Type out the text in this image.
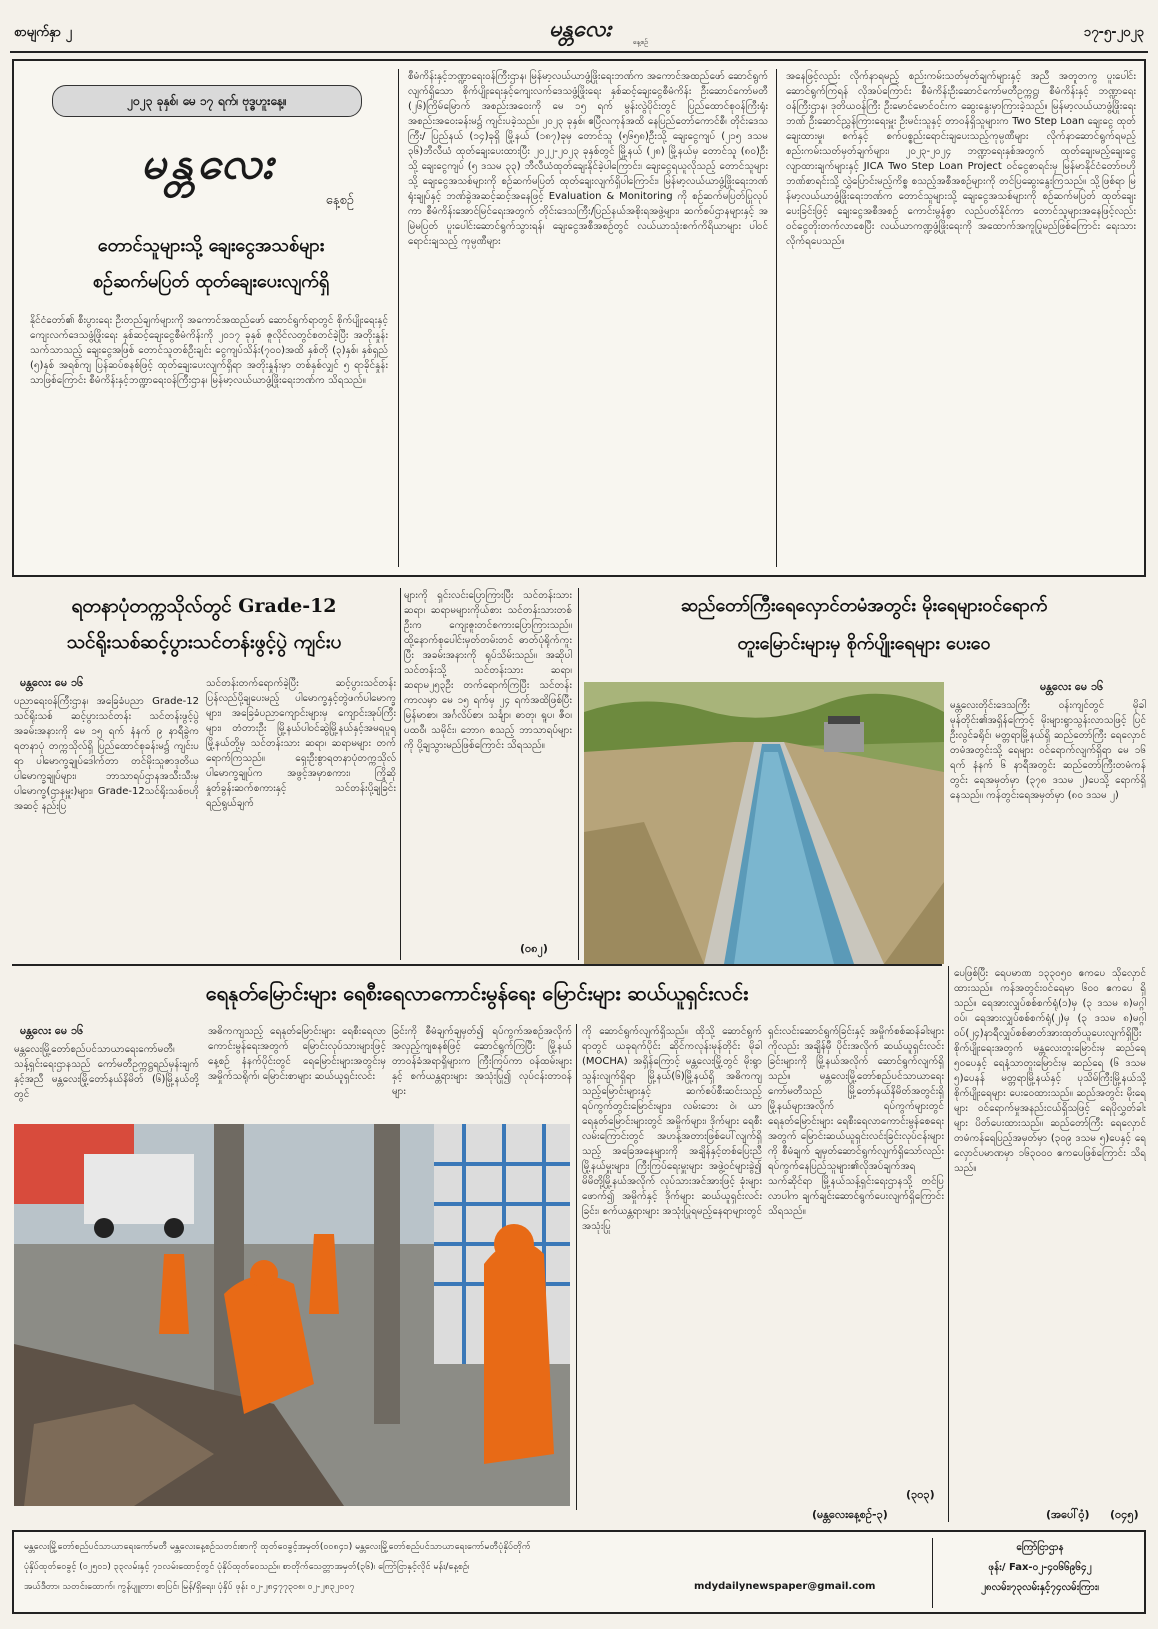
စာမျက်နှာ ၂	မန္တလေး	နေ့စဉ်
၁၇-၅-၂၀၂၃
၂၀၂၃ ခုနှစ်၊ မေ ၁၇ ရက်၊ ဗုဒ္ဓဟူးနေ့။
မန္တလေး
နေ့စဉ်
တောင်သူများသို့ ချေးငွေအသစ်များ
စဉ်ဆက်မပြတ် ထုတ်ချေးပေးလျက်ရှိ
နိုင်ငံတော်၏ စီးပွားရေး ဦးတည်ချက်များကို အကောင်အထည်ဖော် ဆောင်ရွက်ရာတွင် စိုက်ပျိုးရေးနှင့် ကျေးလက်ဒေသဖွံ့ဖြိုးရေး နှစ်ဆင့်ချေးငွေစီမံကိန်းကို ၂၀၁၇ ခုနှစ် ဇူလိုင်လတွင်စတင်ခဲ့ပြီး အတိုးနှုန်းသက်သာသည့် ချေးငွေအဖြစ် တောင်သူတစ်ဦးချင်း ငွေကျပ်သိန်း(၇၀၀)အထိ နှစ်တို (၃)နှစ်၊ နှစ်ရှည် (၅)နှစ် အရစ်ကျ ပြန်ဆပ်စနစ်ဖြင့် ထုတ်ချေးပေးလျက်ရှိရာ အတိုးနှုန်းမှာ တစ်နှစ်လျှင် ၅ ရာခိုင်နှုန်းသာဖြစ်ကြောင်း စီမံကိန်းနှင့်ဘဏ္ဍာရေးဝန်ကြီးဌာန၊ မြန်မာ့လယ်ယာဖွံ့ဖြိုးရေးဘဏ်က သိရသည်။
စီမံကိန်းနှင့်ဘဏ္ဍာရေးဝန်ကြီးဌာန၊ မြန်မာ့လယ်ယာဖွံ့ဖြိုးရေးဘဏ်က အကောင်အထည်ဖော် ဆောင်ရွက်လျက်ရှိသော စိုက်ပျိုးရေးနှင့်ကျေးလက်ဒေသဖွံ့ဖြိုးရေး နှစ်ဆင့်ချေးငွေစီမံကိန်း ဦးဆောင်ကော်မတီ (၂၆)ကြိမ်မြောက် အစည်းအဝေးကို မေ ၁၅ ရက် မွန်းလွဲပိုင်းတွင် ပြည်ထောင်စုဝန်ကြီးရုံး အစည်းအဝေးခန်းမ၌ ကျင်းပခဲ့သည်။ ၂၀၂၃ ခုနှစ်၊ ဧပြီလကုန်အထိ နေပြည်တော်ကောင်စီ၊ တိုင်းဒေသကြီး/ ပြည်နယ် (၁၄)ခုရှိ မြို့နယ် (၁၈၇)ခုမှ တောင်သူ (၅၆၅၈)ဦးသို့ ချေးငွေကျပ် (၂၁၅ ဒသမ ၃၆)ဘီလီယံ ထုတ်ချေးပေးထားပြီး ၂၀၂၂-၂၀၂၃ ခုနှစ်တွင် မြို့နယ် (၂၈) မြို့နယ်မှ တောင်သူ (၈၀)ဦးသို့ ချေးငွေကျပ် (၅ ဒသမ ၃၃) ဘီလီယံထုတ်ချေးနိုင်ခဲ့ပါကြောင်း၊ ချေးငွေရယူလိုသည့် တောင်သူများသို့ ချေးငွေအသစ်များကို စဉ်ဆက်မပြတ် ထုတ်ချေးလျက်ရှိပါကြောင်း၊ မြန်မာ့လယ်ယာဖွံ့ဖြိုးရေးဘဏ် ရုံးချုပ်နှင့် ဘဏ်ခွဲအဆင့်ဆင့်အနေဖြင့် Evaluation & Monitoring ကို စဉ်ဆက်မပြတ်ပြုလုပ်ကာ စီမံကိန်းအောင်မြင်ရေးအတွက် တိုင်းဒေသကြီး/ပြည်နယ်အစိုးရအဖွဲ့များ၊ ဆက်စပ်ဌာနများနှင့် အမြဲမပြတ် ပူးပေါင်းဆောင်ရွက်သွားရန်၊ ချေးငွေအစီအစဉ်တွင် လယ်ယာသုံးစက်ကိရိယာများ ပါဝင်ရောင်းချသည့် ကုမ္ပဏီများ
အနေဖြင့်လည်း လိုက်နာရမည့် စည်းကမ်းသတ်မှတ်ချက်များနှင့် အညီ အတူတကွ ပူးပေါင်းဆောင်ရွက်ကြရန် လိုအပ်ကြောင်း စီမံကိန်းဦးဆောင်ကော်မတီဥက္ကဋ္ဌ၊ စီမံကိန်းနှင့် ဘဏ္ဍာရေးဝန်ကြီးဌာန၊ ဒုတိယဝန်ကြီး ဦးမောင်မောင်ဝင်းက ဆွေးနွေးမှာကြားခဲ့သည်။ မြန်မာ့လယ်ယာဖွံ့ဖြိုးရေးဘဏ် ဦးဆောင်ညွှန်ကြားရေးမှူး ဦးမင်းသူနှင့် တာဝန်ရှိသူများက Two Step Loan ချေးငွေ ထုတ်ချေးထားမှု၊ စက်နှင့် စက်ပစ္စည်းရောင်းချပေးသည့်ကုမ္ပဏီများ လိုက်နာဆောင်ရွက်ရမည့် စည်းကမ်းသတ်မှတ်ချက်များ၊ ၂၀၂၃-၂၀၂၄ ဘဏ္ဍာရေးနှစ်အတွက် ထုတ်ချေးမည့်ချေးငွေ လျာထားချက်များနှင့် JICA Two Step Loan Project ဝင်ငွေစာရင်းမှ မြန်မာနိုင်ငံတော်ဗဟိုဘဏ်စာရင်းသို့ လွှဲပြောင်းမည့်ကိစ္စ စသည့်အစီအစဉ်များကို တင်ပြဆွေးနွေးကြသည်။ သို့ဖြစ်ရာ မြန်မာ့လယ်ယာဖွံ့ဖြိုးရေးဘဏ်က တောင်သူများသို့ ချေးငွေအသစ်များကို စဉ်ဆက်မပြတ် ထုတ်ချေးပေးခြင်းဖြင့် ချေးငွေအစီအစဉ် ကောင်းမွန်စွာ လည်ပတ်နိုင်ကာ တောင်သူများအနေဖြင့်လည်း ဝင်ငွေတိုးတက်လာစေပြီး လယ်ယာကဏ္ဍဖွံ့ဖြိုးရေးကို အထောက်အကူပြုမည်ဖြစ်ကြောင်း ရေးသားလိုက်ရပေသည်။
ရတနာပုံတက္ကသိုလ်တွင် Grade-12
သင်ရိုးသစ်ဆင့်ပွားသင်တန်းဖွင့်ပွဲ ကျင်းပ
မန္တလေး မေ ၁၆
ပညာရေးဝန်ကြီးဌာန၊ အခြေခံပညာ Grade-12 သင်ရိုးသစ် ဆင့်ပွားသင်တန်း သင်တန်းဖွင့်ပွဲ အခမ်းအနားကို မေ ၁၅ ရက် နံနက် ၉ နာရီခွဲက ရတနာပုံ တက္ကသိုလ်ရှိ ပြည်ထောင်စုခန်းမ၌ ကျင်းပရာ ပါမောက္ခချုပ်ဒေါက်တာ တင်မိုးသူဇာဒုတိယပါမောက္ခချုပ်များ၊ ဘာသာရပ်ဌာနအသီးသီးမှ ပါမောက္ခ(ဌာနမှူး)များ၊ Grade-12သင်ရိုးသစ်ဗဟိုအဆင့် နည်းပြ
သင်တန်းတက်ရောက်ခဲ့ပြီး ဆင့်ပွားသင်တန်း ပြန်လည်ပို့ချပေးမည့် ပါမောက္ခနှင့်တွဲဖက်ပါမောက္ခများ၊ အခြေခံပညာကျောင်းများမှ ကျောင်းအုပ်ကြီးများ၊ တံတားဦး မြို့နယ်ပါဝင်ဆွဲမြို့နယ်နှင့်အမရပူရမြို့နယ်တို့မှ သင်တန်းသား ဆရာ၊ ဆရာမများ တက်ရောက်ကြသည်။ ရှေးဦးစွာရတနာပုံတက္ကသိုလ် ပါမောက္ခချုပ်က အဖွင့်အမှာစကား၊ ကြိုဆိုနှုတ်ခွန်းဆက်စကားနှင့် သင်တန်းပို့ချခြင်း ရည်ရွယ်ချက်
များကို ရှင်းလင်းပြောကြားပြီး သင်တန်းသား ဆရာ၊ ဆရာမများကိုယ်စား သင်တန်းသားတစ်ဦးက ကျေးဇူးတင်စကားပြောကြားသည်။ ထို့နောက်စုပေါင်းမှတ်တမ်းတင် ဓာတ်ပုံရိုက်ကူးပြီး အခမ်းအနားကို ရုပ်သိမ်းသည်။ အဆိုပါသင်တန်းသို့ သင်တန်းသား ဆရာ၊ဆရာမ၂၅၃ဦး တက်ရောက်ကြပြီး သင်တန်းကာလမှာ မေ ၁၅ ရက်မှ ၂၄ ရက်အထိဖြစ်ပြီး မြန်မာစာ၊ အင်္ဂလိပ်စာ၊ သင်္ချာ၊ ဓာတု၊ ရူပ၊ ဇီဝ၊ ပထဝီ၊ သမိုင်း၊ ဘောဂ စသည့် ဘာသာရပ်များကို ပို့ချသွားမည်ဖြစ်ကြောင်း သိရသည်။
(၀၈၂)
ဆည်တော်ကြီးရေလှောင်တမံအတွင်း မိုးရေများဝင်ရောက်
တူးမြောင်းများမှ စိုက်ပျိုးရေများ ပေးဝေ
မန္တလေး မေ ၁၆
မန္တလေးတိုင်းဒေသကြီး ဝန်းကျင်တွင် မိုခါမုန်တိုင်း၏အရှိန်ကြောင့် မိုးများရွာသွန်းလာသဖြင့် ပြင်ဦးလွင်ခရိုင်၊ မတ္တရာမြို့နယ်ရှိ ဆည်တော်ကြီး ရေလှောင်တမံအတွင်းသို့ ရေများ ဝင်ရောက်လျက်ရှိရာ မေ ၁၆ ရက် နံနက် ၆ နာရီအတွင်း ဆည်တော်ကြီးတမံကန်တွင်း ရေအမှတ်မှာ (၃၇၈ ဒသမ ၂)ပေသို့ ရောက်ရှိနေသည်။ ကန်တွင်းရေအမှတ်မှာ (၈၀ ဒသမ ၂)
ပေဖြစ်ပြီး ရေပမာဏ ၁၃၃၀၅၀ ဧကပေ သိုလှောင်ထားသည်။ ကန်အတွင်းဝင်ရေမှာ ၆၀၀ ဧကပေ ရှိသည်။ ရေအားလျှပ်စစ်စက်ရုံ(၁)မှ (၃ ဒသမ ၈)မဂ္ဂါဝပ်၊ ရေအားလျှပ်စစ်စက်ရုံ(၂)မှ (၃ ဒသမ ၈)မဂ္ဂါဝပ်(၂၄)နာရီလျှပ်စစ်ဓာတ်အားထုတ်ယူပေးလျက်ရှိပြီး စိုက်ပျိုးရေးအတွက် မန္တလေးတူးမြောင်းမှ ဆည်ရေ ၅၀ပေနှင့် ရေနံ့သာတူးမြောင်းမှ ဆည်ရေ (၆ ဒသမ ၅)ပေနန် မတ္တရာမြို့နယ်နှင့် ပုသိမ်ကြီးမြို့နယ်သို့ စိုက်ပျိုးရေများ ပေးဝေထားသည်။ ဆည်အတွင်း မိုးရေများ ဝင်ရောက်မှုအနည်းငယ်ရှိသဖြင့် ရေပိုလွှတ်ခါးများ ပိတ်ပေးထားသည်။ ဆည်တော်ကြီး ရေလှောင်တမံကန်ရေပြည့်အမှတ်မှာ (၃၀၉ ဒသမ ၅)ပေနှင့် ရေလှောင်ပမာဏမှာ ၁၆၃၀၀၀ ဧကပေဖြစ်ကြောင်း သိရသည်။
(အပေါ်ဝံ့) (၀၄၅)
ရေနုတ်မြောင်းများ ရေစီးရေလာကောင်းမွန်ရေး မြောင်းများ ဆယ်ယူရှင်းလင်း
မန္တလေး မေ ၁၆
မန္တလေးမြို့တော်စည်ပင်သာယာရေးကော်မတီ၊ သန့်ရှင်းရေးဌာနသည် ကော်မတီဥက္ကဋ္ဌရည်မှန်းချက်နှင့်အညီ မန္တလေးမြို့တော်နယ်နိမိတ် (၆)မြို့နယ်တို့တွင်
အဓိကကျသည့် ရေနုတ်မြောင်းများ ရေစီးရေလာကောင်းမွန်ရေးအတွက် မြောင်းလုပ်သားများဖြင့် နေ့စဉ် နံနက်ပိုင်းတွင် ရေမြောင်းများအတွင်းမှ အမှိုက်သရိုက်၊ မြောင်းစာများ ဆယ်ယူရှင်းလင်း
ခြင်းကို စီမံချက်ချမှတ်၍ ရပ်ကွက်အစဉ်အလိုက် အလှည့်ကျစနစ်ဖြင့် ဆောင်ရွက်ကြပြီး မြို့နယ်တာဝန်ခံအရာရှိများက ကြီးကြပ်ကာ ဝန်ထမ်းများနှင့် စက်ယန္တရားများ အသုံးပြု၍ လုပ်ငန်းတာဝန်များ
ကို ဆောင်ရွက်လျက်ရှိသည်။ ထိုသို့ ဆောင်ရွက်ရာတွင် ယခုရက်ပိုင်း ဆိုင်ကလုန်းမုန်တိုင်း မိုခါ (MOCHA) အရှိန်ကြောင့် မန္တလေးမြို့တွင် မိုးရွာသွန်းလျက်ရှိရာ မြို့နယ်(၆)မြို့နယ်ရှိ အဓိကကျသည့်မြောင်းများနှင့် ဆက်စပ်စီးဆင်းသည့် ရပ်ကွက်တွင်းမြောင်းများ၊ လမ်းဘေး ဝဲ၊ ယာ ရေနုတ်မြောင်းများတွင် အမှိုက်များ၊ ဒိုက်များ ရေစီးလမ်းကြောင်းတွင် အဟန့်အတားဖြစ်ပေါ်လျက်ရှိသည့် အခြေအနေများကို အချိန်နှင့်တစ်ပြေးညီ မြို့နယ်မှူးများ၊ ကြီးကြပ်ရေးမှူးများ အဖွဲ့ဝင်များခွဲ၍ မိမိတို့မြို့နယ်အလိုက် လုပ်သားအင်အားဖြင့် ခုံးများဖောက်၍ အမှိုက်နှင့် ဒိုက်များ ဆယ်ယူရှင်းလင်းခြင်း၊ စက်ယန္တရားများ အသုံးပြုရမည့်နေရာများတွင် အသုံးပြု
ရှင်းလင်းဆောင်ရွက်ခြင်းနှင့် အမှိုက်စစ်ဆန်ခါးများကိုလည်း အချိန်မှီ ပိုင်းအလိုက် ဆယ်ယူရှင်းလင်းခြင်းများကို မြို့နယ်အလိုက် ဆောင်ရွက်လျက်ရှိသည်။ မန္တလေးမြို့တော်စည်ပင်သာယာရေးကော်မတီသည် မြို့တော်နယ်နိမိတ်အတွင်းရှိ မြို့နယ်များအလိုက် ရပ်ကွက်များတွင် ရေနုတ်မြောင်းများ ရေစီးရေလာကောင်းမွန်စေရေးအတွက် မြောင်းဆယ်ယူရှင်းလင်းခြင်းလုပ်ငန်းများကို စီမံချက် ချမှတ်ဆောင်ရွက်လျက်ရှိသော်လည်း ရပ်ကွက်နေပြည်သူများ၏လိုအပ်ချက်အရ သက်ဆိုင်ရာ မြို့နယ်သန့်ရှင်းရေးဌာနသို့ တင်ပြလာပါက ချက်ချင်းဆောင်ရွက်ပေးလျက်ရှိကြောင်း သိရသည်။
(၃၀၃)
(မန္တလေးနေ့စဉ်-၃)
မန္တလေးမြို့တော်စည်ပင်သာယာရေးကော်မတီ မန္တလေးနေ့စဉ်သတင်းစာကို ထုတ်ဝေခွင့်အမှတ်(၀၀၈၄၁) မန္တလေးမြို့တော်စည်ပင်သာယာရေးကော်မတီပုံနှိပ်တိုက်
ပုံနှိပ်ထုတ်ဝေခွင့် (၀၂၅၀၁) ၃၃လမ်းနှင့် ၇၁လမ်းထောင့်တွင် ပုံနှိပ်ထုတ်ဝေသည်။ စာတိုက်သေတ္တာအမှတ်(၃၆)၊ ကြော်ငြာနှင့်လိုင် မန်း/နေ့စဉ်၊
အယ်ဒီတာ၊ သတင်းထောက်၊ ကွန်ပျူတာ၊ စာပြင်၊ မြန်/ရှိရေး၊ ပုံနှိပ် ဖုန်း ၀၂-၂၈၄၇၇၃၀၈၊ ၀၂-၂၈၃၂၀၀၇	mdydailynewspaper@gmail.com
ကြော်ငြာဌာန
ဖုန်း/ Fax-၀၂-၄၀၆၆၉၆၄၂
၂၈လမ်း၊၇၃လမ်းနှင့်၇၄လမ်းကြား၊
